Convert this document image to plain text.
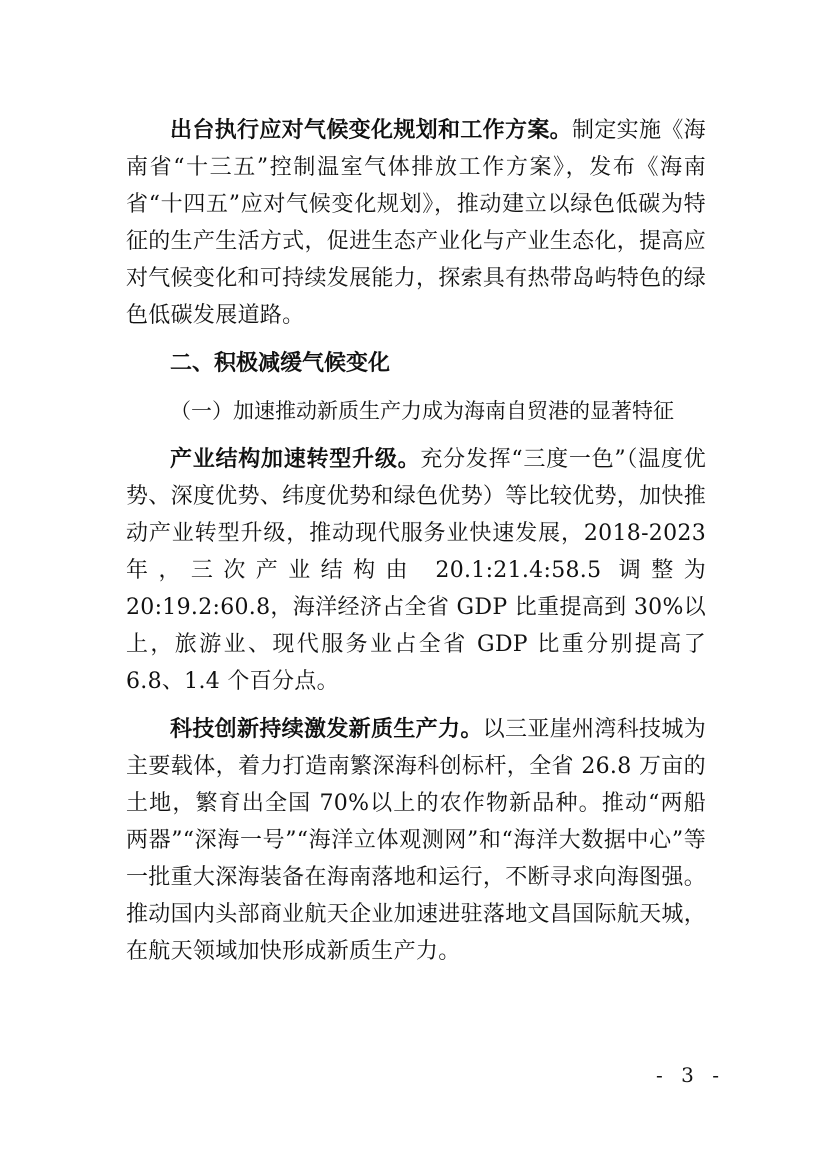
出台执行应对气候变化规划和工作方案。制定实施《海南省“十三五”控制温室气体排放工作方案》，发布《海南省“十四五”应对气候变化规划》，推动建立以绿色低碳为特征的生产生活方式，促进生态产业化与产业生态化，提高应对气候变化和可持续发展能力，探索具有热带岛屿特色的绿色低碳发展道路。

二、积极减缓气候变化

（一）加速推动新质生产力成为海南自贸港的显著特征

产业结构加速转型升级。充分发挥“三度一色”（温度优势、深度优势、纬度优势和绿色优势）等比较优势，加快推动产业转型升级，推动现代服务业快速发展，2018-2023 年，三次产业结构由 20.1:21.4:58.5 调整为 20:19.2:60.8，海洋经济占全省 GDP 比重提高到 30%以上，旅游业、现代服务业占全省 GDP 比重分别提高了 6.8、1.4 个百分点。

科技创新持续激发新质生产力。以三亚崖州湾科技城为主要载体，着力打造南繁深海科创标杆，全省 26.8 万亩的土地，繁育出全国 70%以上的农作物新品种。推动“两船两器”“深海一号”“海洋立体观测网”和“海洋大数据中心”等一批重大深海装备在海南落地和运行，不断寻求向海图强。推动国内头部商业航天企业加速进驻落地文昌国际航天城，在航天领域加快形成新质生产力。

- 3 -
